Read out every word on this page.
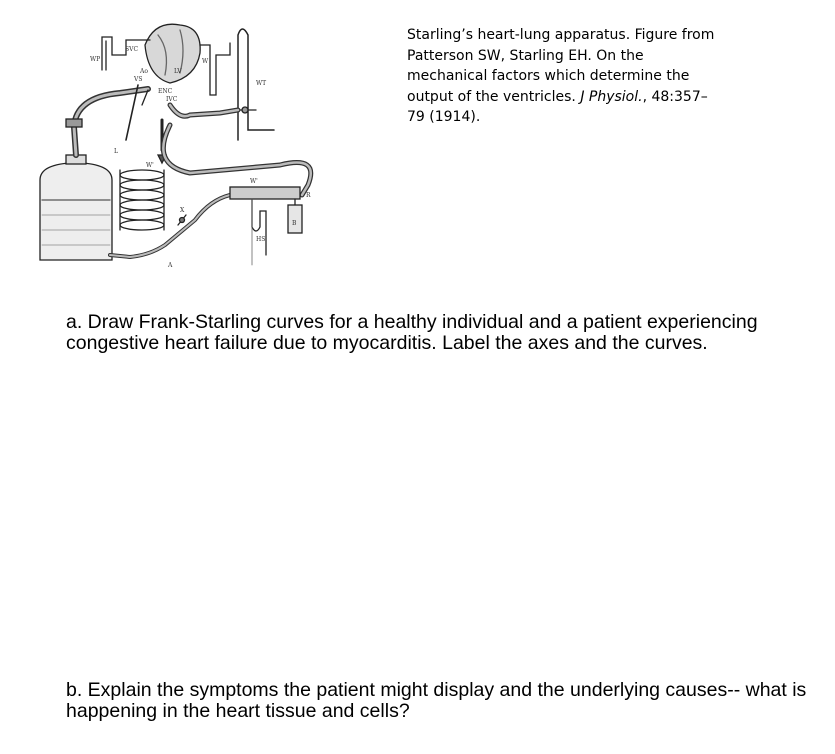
WP
SVC
Ao
W
VS
ENC
LV
IVC
WT
L
W'
X
W'
R
HS
B
A
Starling’s heart-lung apparatus. Figure from Patterson SW, Starling EH. On the mechanical factors which determine the output of the ventricles. J Physiol., 48:357–79 (1914).
a. Draw Frank-Starling curves for a healthy individual and a patient experiencing congestive heart failure due to myocarditis. Label the axes and the curves.
b. Explain the symptoms the patient might display and the underlying causes-- what is happening in the heart tissue and cells?
